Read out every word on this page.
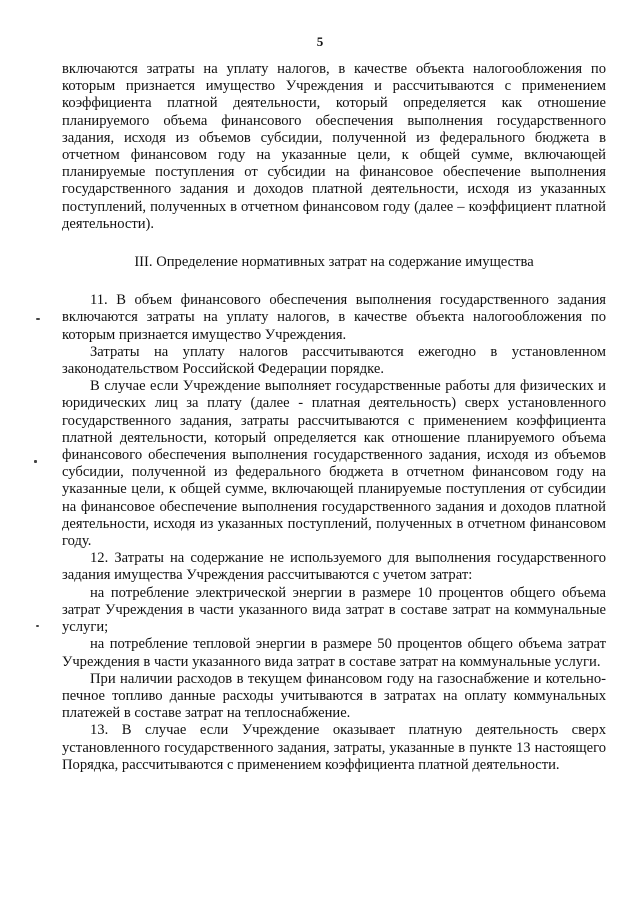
5

включаются затраты на уплату налогов, в качестве объекта налогообложения по которым признается имущество Учреждения и рассчитываются с применением коэффициента платной деятельности, который определяется как отношение планируемого объема финансового обеспечения выполнения государственного задания, исходя из объемов субсидии, полученной из федерального бюджета в отчетном финансовом году на указанные цели, к общей сумме, включающей планируемые поступления от субсидии на финансовое обеспечение выполнения государственного задания и доходов платной деятельности, исходя из указанных поступлений, полученных в отчетном финансовом году (далее – коэффициент платной деятельности).

III. Определение нормативных затрат на содержание имущества

11. В объем финансового обеспечения выполнения государственного задания включаются затраты на уплату налогов, в качестве объекта налогообложения по которым признается имущество Учреждения.

Затраты на уплату налогов рассчитываются ежегодно в установленном законодательством Российской Федерации порядке.

В случае если Учреждение выполняет государственные работы для физических и юридических лиц за плату (далее - платная деятельность) сверх установленного государственного задания, затраты рассчитываются с применением коэффициента платной деятельности, который определяется как отношение планируемого объема финансового обеспечения выполнения государственного задания, исходя из объемов субсидии, полученной из федерального бюджета в отчетном финансовом году на указанные цели, к общей сумме, включающей планируемые поступления от субсидии на финансовое обеспечение выполнения государственного задания и доходов платной деятельности, исходя из указанных поступлений, полученных в отчетном финансовом году.

12. Затраты на содержание не используемого для выполнения государственного задания имущества Учреждения рассчитываются с учетом затрат:

на потребление электрической энергии в размере 10 процентов общего объема затрат Учреждения в части указанного вида затрат в составе затрат на коммунальные услуги;

на потребление тепловой энергии в размере 50 процентов общего объема затрат Учреждения в части указанного вида затрат в составе затрат на коммунальные услуги.

При наличии расходов в текущем финансовом году на газоснабжение и котельно-печное топливо данные расходы учитываются в затратах на оплату коммунальных платежей в составе затрат на теплоснабжение.

13. В случае если Учреждение оказывает платную деятельность сверх установленного государственного задания, затраты, указанные в пункте 13 настоящего Порядка, рассчитываются с применением коэффициента платной деятельности.
